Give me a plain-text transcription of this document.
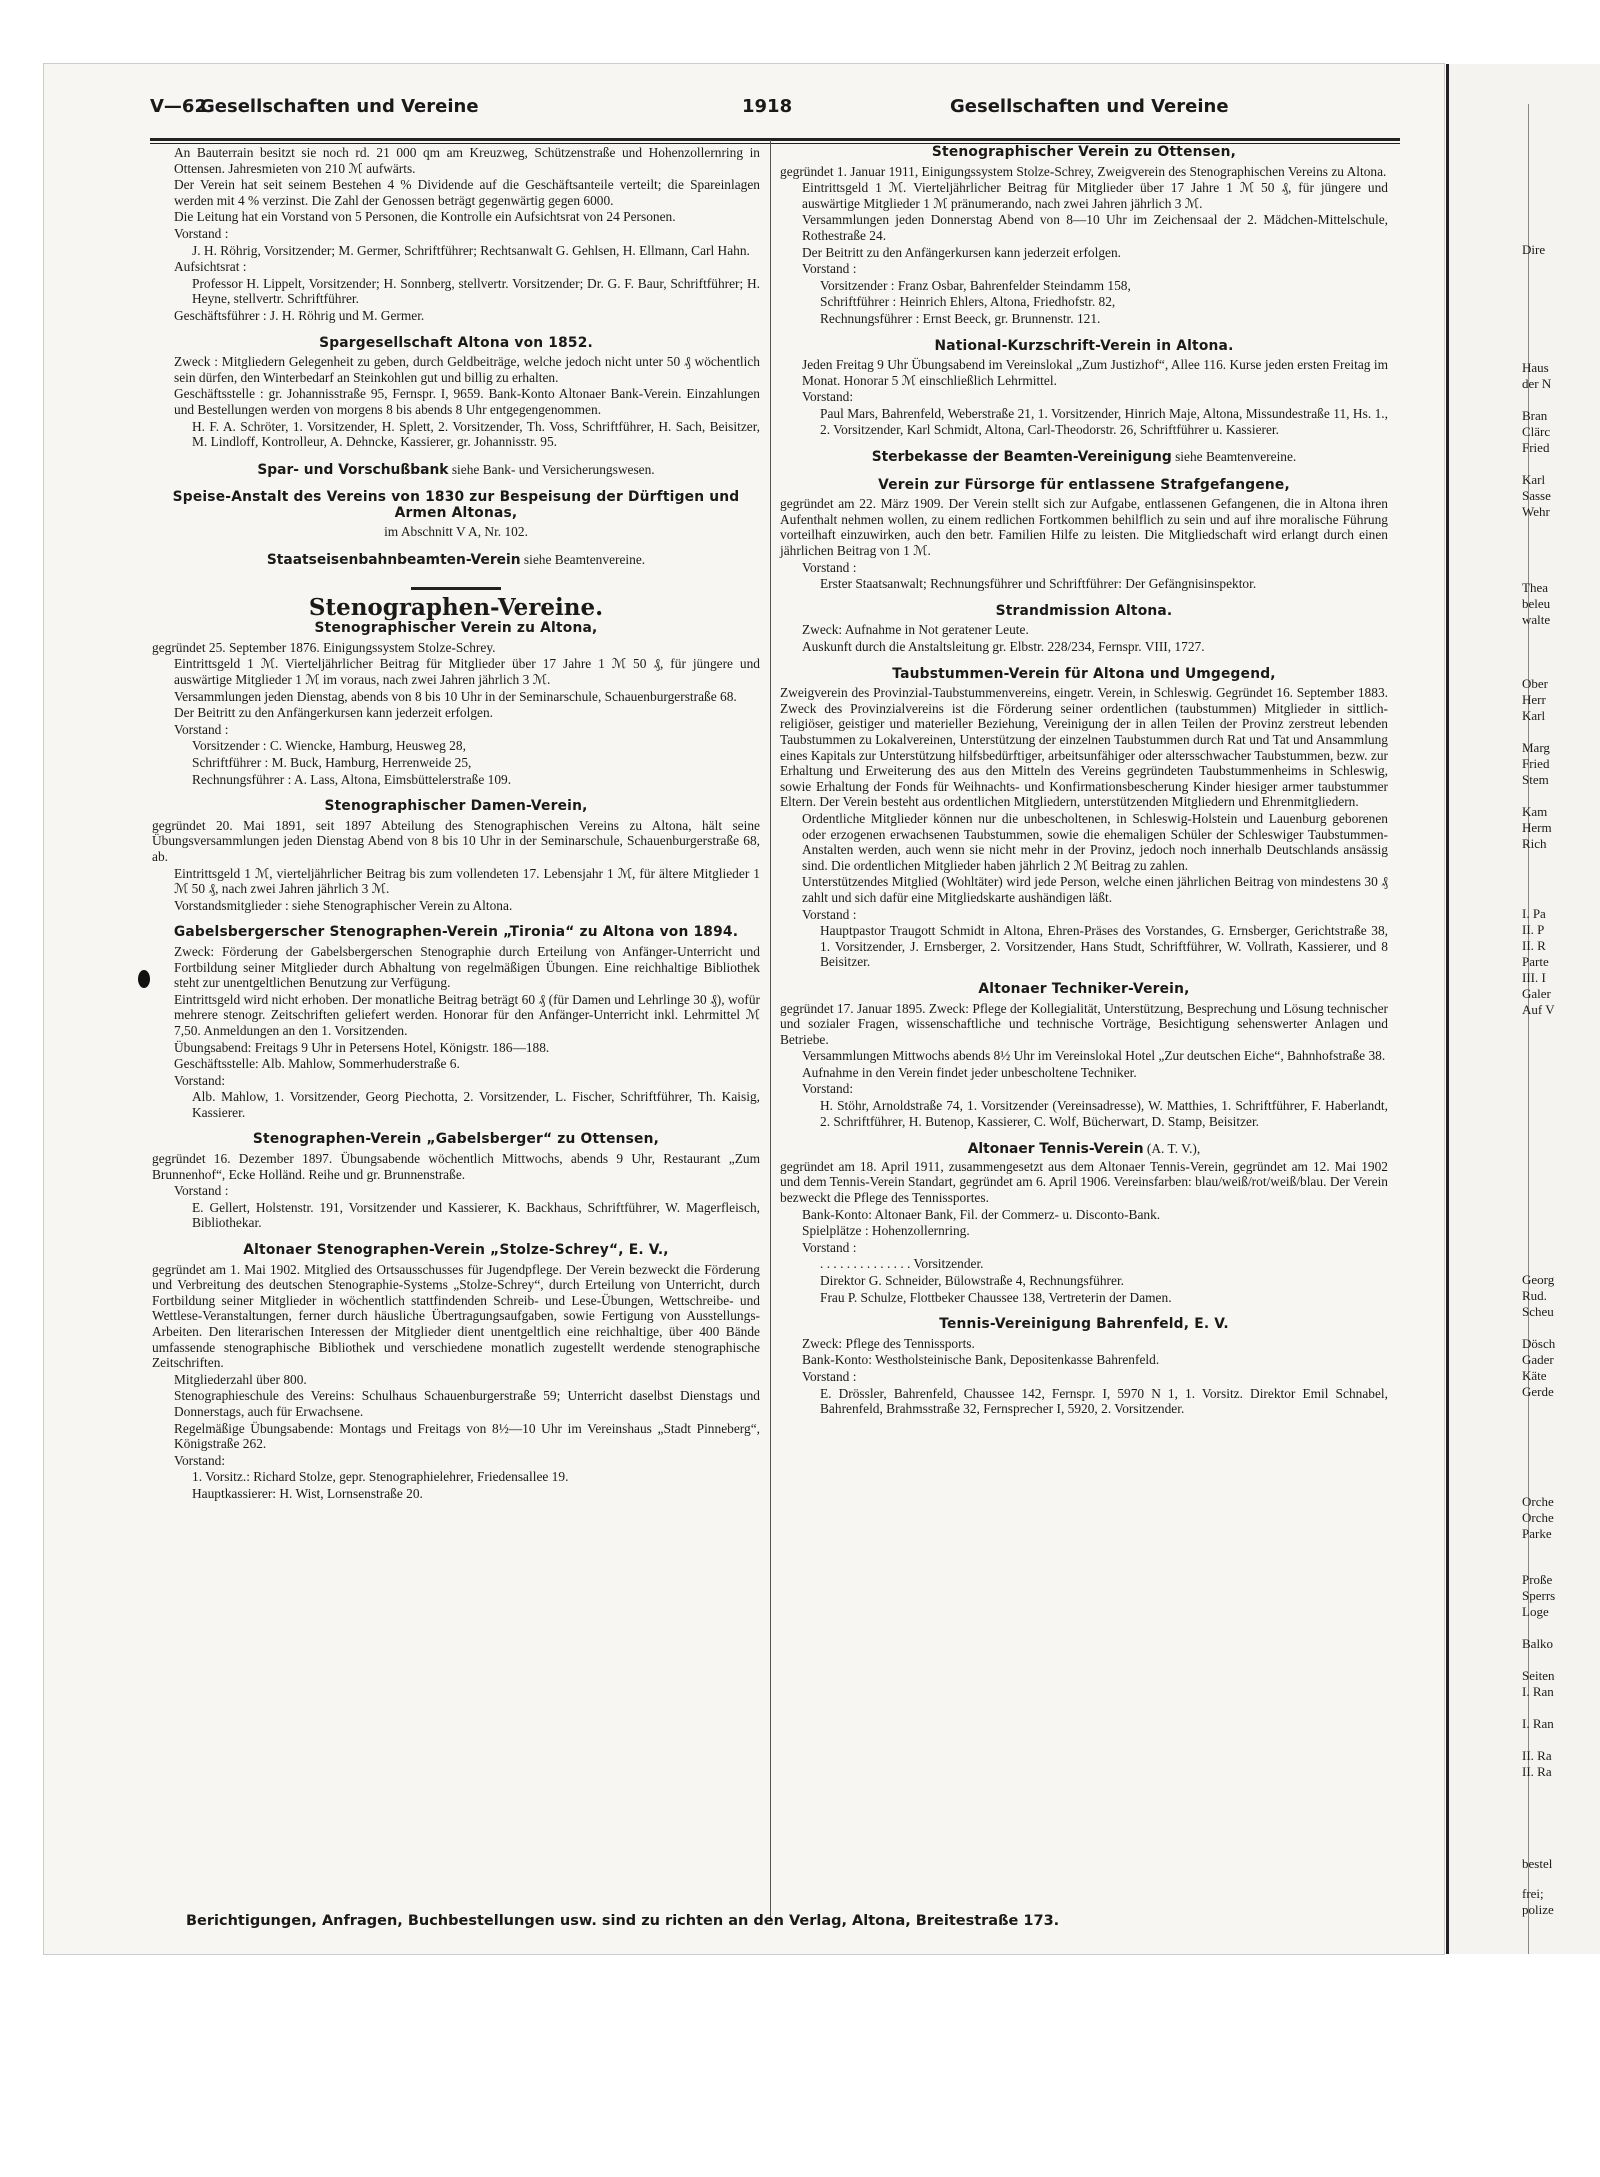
Dire
Haus
der N
Bran
Clärc
Fried
Karl
Sasse
Wehr
Thea
beleu
walte
Ober
Herr
Karl
Marg
Fried
Stem
Kam
Herm
Rich
I. Pa
II. P
II. R
Parte
III. I
Galer
Auf V
Georg
Rud.
Scheu
Dösch
Gader
Käte
Gerde
Orche
Orche
Parke
Proße
Sperrs
Loge
Balko
Seiten
I. Ran
I. Ran
II. Ra
II. Ra
bestel
frei;
polize
V—62
Gesellschaften und Vereine	1918	Gesellschaften und Vereine

An Bauterrain besitzt sie noch rd. 21 000 qm am Kreuzweg, Schützenstraße und Hohenzollernring in Ottensen. Jahresmieten von 210 ℳ aufwärts.

Der Verein hat seit seinem Bestehen 4 % Dividende auf die Geschäftsanteile verteilt; die Spareinlagen werden mit 4 % verzinst. Die Zahl der Genossen beträgt gegenwärtig gegen 6000.

Die Leitung hat ein Vorstand von 5 Personen, die Kontrolle ein Aufsichtsrat von 24 Personen.

Vorstand :

J. H. Röhrig, Vorsitzender; M. Germer, Schriftführer; Rechtsanwalt G. Gehlsen, H. Ellmann, Carl Hahn.

Aufsichtsrat :

Professor H. Lippelt, Vorsitzender; H. Sonnberg, stellvertr. Vorsitzender; Dr. G. F. Baur, Schriftführer; H. Heyne, stellvertr. Schriftführer.

Geschäftsführer : J. H. Röhrig und M. Germer.

Spargesellschaft Altona von 1852.

Zweck : Mitgliedern Gelegenheit zu geben, durch Geldbeiträge, welche jedoch nicht unter 50 ₰ wöchentlich sein dürfen, den Winterbedarf an Steinkohlen gut und billig zu erhalten.

Geschäftsstelle : gr. Johannisstraße 95, Fernspr. I, 9659. Bank-Konto Altonaer Bank-Verein. Einzahlungen und Bestellungen werden von morgens 8 bis abends 8 Uhr entgegengenommen.

H. F. A. Schröter, 1. Vorsitzender, H. Splett, 2. Vorsitzender, Th. Voss, Schriftführer, H. Sach, Beisitzer, M. Lindloff, Kontrolleur, A. Dehncke, Kassierer, gr. Johannisstr. 95.

Spar- und Vorschußbank siehe Bank- und Versicherungswesen.

Speise-Anstalt des Vereins von 1830 zur Bespeisung der Dürftigen und Armen Altonas,

im Abschnitt V A, Nr. 102.

Staatseisenbahnbeamten-Verein siehe Beamtenvereine.

Stenographen-Vereine.
Stenographischer Verein zu Altona,

gegründet 25. September 1876. Einigungssystem Stolze-Schrey.

Eintrittsgeld 1 ℳ. Vierteljährlicher Beitrag für Mitglieder über 17 Jahre 1 ℳ 50 ₰, für jüngere und auswärtige Mitglieder 1 ℳ im voraus, nach zwei Jahren jährlich 3 ℳ.

Versammlungen jeden Dienstag, abends von 8 bis 10 Uhr in der Seminarschule, Schauenburgerstraße 68.

Der Beitritt zu den Anfängerkursen kann jederzeit erfolgen.

Vorstand :

Vorsitzender : C. Wiencke, Hamburg, Heusweg 28,

Schriftführer : M. Buck, Hamburg, Herrenweide 25,

Rechnungsführer : A. Lass, Altona, Eimsbüttelerstraße 109.

Stenographischer Damen-Verein,

gegründet 20. Mai 1891, seit 1897 Abteilung des Stenographischen Vereins zu Altona, hält seine Übungsversammlungen jeden Dienstag Abend von 8 bis 10 Uhr in der Seminarschule, Schauenburgerstraße 68, ab.

Eintrittsgeld 1 ℳ, vierteljährlicher Beitrag bis zum vollendeten 17. Lebensjahr 1 ℳ, für ältere Mitglieder 1 ℳ 50 ₰, nach zwei Jahren jährlich 3 ℳ.

Vorstandsmitglieder : siehe Stenographischer Verein zu Altona.

Gabelsbergerscher Stenographen-Verein „Tironia“ zu Altona von 1894.

Zweck: Förderung der Gabelsbergerschen Stenographie durch Erteilung von Anfänger-Unterricht und Fortbildung seiner Mitglieder durch Abhaltung von regelmäßigen Übungen. Eine reichhaltige Bibliothek steht zur unentgeltlichen Benutzung zur Verfügung.

Eintrittsgeld wird nicht erhoben. Der monatliche Beitrag beträgt 60 ₰ (für Damen und Lehrlinge 30 ₰), wofür mehrere stenogr. Zeitschriften geliefert werden. Honorar für den Anfänger-Unterricht inkl. Lehrmittel ℳ 7,50. Anmeldungen an den 1. Vorsitzenden.

Übungsabend: Freitags 9 Uhr in Petersens Hotel, Königstr. 186—188.

Geschäftsstelle: Alb. Mahlow, Sommerhuderstraße 6.

Vorstand:

Alb. Mahlow, 1. Vorsitzender, Georg Piechotta, 2. Vorsitzender, L. Fischer, Schriftführer, Th. Kaisig, Kassierer.

Stenographen-Verein „Gabelsberger“ zu Ottensen,

gegründet 16. Dezember 1897. Übungsabende wöchentlich Mittwochs, abends 9 Uhr, Restaurant „Zum Brunnenhof“, Ecke Holländ. Reihe und gr. Brunnenstraße.

Vorstand :

E. Gellert, Holstenstr. 191, Vorsitzender und Kassierer, K. Backhaus, Schriftführer, W. Magerfleisch, Bibliothekar.

Altonaer Stenographen-Verein „Stolze-Schrey“, E. V.,

gegründet am 1. Mai 1902. Mitglied des Ortsausschusses für Jugendpflege. Der Verein bezweckt die Förderung und Verbreitung des deutschen Stenographie-Systems „Stolze-Schrey“, durch Erteilung von Unterricht, durch Fortbildung seiner Mitglieder in wöchentlich stattfindenden Schreib- und Lese-Übungen, Wettschreibe- und Wettlese-Veranstaltungen, ferner durch häusliche Übertragungsaufgaben, sowie Fertigung von Ausstellungs-Arbeiten. Den literarischen Interessen der Mitglieder dient unentgeltlich eine reichhaltige, über 400 Bände umfassende stenographische Bibliothek und verschiedene monatlich zugestellt werdende stenographische Zeitschriften.

Mitgliederzahl über 800.

Stenographieschule des Vereins: Schulhaus Schauenburgerstraße 59; Unterricht daselbst Dienstags und Donnerstags, auch für Erwachsene.

Regelmäßige Übungsabende: Montags und Freitags von 8½—10 Uhr im Vereinshaus „Stadt Pinneberg“, Königstraße 262.

Vorstand:

1. Vorsitz.: Richard Stolze, gepr. Stenographielehrer, Friedensallee 19.

Hauptkassierer: H. Wist, Lornsenstraße 20.

Stenographischer Verein zu Ottensen,

gegründet 1. Januar 1911, Einigungssystem Stolze-Schrey, Zweigverein des Stenographischen Vereins zu Altona.

Eintrittsgeld 1 ℳ. Vierteljährlicher Beitrag für Mitglieder über 17 Jahre 1 ℳ 50 ₰, für jüngere und auswärtige Mitglieder 1 ℳ pränumerando, nach zwei Jahren jährlich 3 ℳ.

Versammlungen jeden Donnerstag Abend von 8—10 Uhr im Zeichensaal der 2. Mädchen-Mittelschule, Rothestraße 24.

Der Beitritt zu den Anfängerkursen kann jederzeit erfolgen.

Vorstand :

Vorsitzender : Franz Osbar, Bahrenfelder Steindamm 158,

Schriftführer : Heinrich Ehlers, Altona, Friedhofstr. 82,

Rechnungsführer : Ernst Beeck, gr. Brunnenstr. 121.

National-Kurzschrift-Verein in Altona.

Jeden Freitag 9 Uhr Übungsabend im Vereinslokal „Zum Justizhof“, Allee 116. Kurse jeden ersten Freitag im Monat. Honorar 5 ℳ einschließlich Lehrmittel.

Vorstand:

Paul Mars, Bahrenfeld, Weberstraße 21, 1. Vorsitzender, Hinrich Maje, Altona, Missundestraße 11, Hs. 1., 2. Vorsitzender, Karl Schmidt, Altona, Carl-Theodorstr. 26, Schriftführer u. Kassierer.

Sterbekasse der Beamten-Vereinigung siehe Beamtenvereine.

Verein zur Fürsorge für entlassene Strafgefangene,

gegründet am 22. März 1909. Der Verein stellt sich zur Aufgabe, entlassenen Gefangenen, die in Altona ihren Aufenthalt nehmen wollen, zu einem redlichen Fortkommen behilflich zu sein und auf ihre moralische Führung vorteilhaft einzuwirken, auch den betr. Familien Hilfe zu leisten. Die Mitgliedschaft wird erlangt durch einen jährlichen Beitrag von 1 ℳ.

Vorstand :

Erster Staatsanwalt; Rechnungsführer und Schriftführer: Der Gefängnisinspektor.

Strandmission Altona.

Zweck: Aufnahme in Not geratener Leute.

Auskunft durch die Anstaltsleitung gr. Elbstr. 228/234, Fernspr. VIII, 1727.

Taubstummen-Verein für Altona und Umgegend,

Zweigverein des Provinzial-Taubstummenvereins, eingetr. Verein, in Schleswig. Gegründet 16. September 1883. Zweck des Provinzialvereins ist die Förderung seiner ordentlichen (taubstummen) Mitglieder in sittlich-religiöser, geistiger und materieller Beziehung, Vereinigung der in allen Teilen der Provinz zerstreut lebenden Taubstummen zu Lokalvereinen, Unterstützung der einzelnen Taubstummen durch Rat und Tat und Ansammlung eines Kapitals zur Unterstützung hilfsbedürftiger, arbeitsunfähiger oder altersschwacher Taubstummen, bezw. zur Erhaltung und Erweiterung des aus den Mitteln des Vereins gegründeten Taubstummenheims in Schleswig, sowie Erhaltung der Fonds für Weihnachts- und Konfirmationsbescherung Kinder hiesiger armer taubstummer Eltern. Der Verein besteht aus ordentlichen Mitgliedern, unterstützenden Mitgliedern und Ehrenmitgliedern.

Ordentliche Mitglieder können nur die unbescholtenen, in Schleswig-Holstein und Lauenburg geborenen oder erzogenen erwachsenen Taubstummen, sowie die ehemaligen Schüler der Schleswiger Taubstummen-Anstalten werden, auch wenn sie nicht mehr in der Provinz, jedoch noch innerhalb Deutschlands ansässig sind. Die ordentlichen Mitglieder haben jährlich 2 ℳ Beitrag zu zahlen.

Unterstützendes Mitglied (Wohltäter) wird jede Person, welche einen jährlichen Beitrag von mindestens 30 ₰ zahlt und sich dafür eine Mitgliedskarte aushändigen läßt.

Vorstand :

Hauptpastor Traugott Schmidt in Altona, Ehren-Präses des Vorstandes, G. Ernsberger, Gerichtstraße 38, 1. Vorsitzender, J. Ernsberger, 2. Vorsitzender, Hans Studt, Schriftführer, W. Vollrath, Kassierer, und 8 Beisitzer.

Altonaer Techniker-Verein,

gegründet 17. Januar 1895. Zweck: Pflege der Kollegialität, Unterstützung, Besprechung und Lösung technischer und sozialer Fragen, wissenschaftliche und technische Vorträge, Besichtigung sehenswerter Anlagen und Betriebe.

Versammlungen Mittwochs abends 8½ Uhr im Vereinslokal Hotel „Zur deutschen Eiche“, Bahnhofstraße 38.

Aufnahme in den Verein findet jeder unbescholtene Techniker.

Vorstand:

H. Stöhr, Arnoldstraße 74, 1. Vorsitzender (Vereinsadresse), W. Matthies, 1. Schriftführer, F. Haberlandt, 2. Schriftführer, H. Butenop, Kassierer, C. Wolf, Bücherwart, D. Stamp, Beisitzer.

Altonaer Tennis-Verein (A. T. V.),

gegründet am 18. April 1911, zusammengesetzt aus dem Altonaer Tennis-Verein, gegründet am 12. Mai 1902 und dem Tennis-Verein Standart, gegründet am 6. April 1906. Vereinsfarben: blau/weiß/rot/weiß/blau. Der Verein bezweckt die Pflege des Tennissportes.

Bank-Konto: Altonaer Bank, Fil. der Commerz- u. Disconto-Bank.

Spielplätze : Hohenzollernring.

Vorstand :

. . . . . . . . . . . . . . Vorsitzender.

Direktor G. Schneider, Bülowstraße 4, Rechnungsführer.

Frau P. Schulze, Flottbeker Chaussee 138, Vertreterin der Damen.

Tennis-Vereinigung Bahrenfeld, E. V.

Zweck: Pflege des Tennissports.

Bank-Konto: Westholsteinische Bank, Depositenkasse Bahrenfeld.

Vorstand :

E. Drössler, Bahrenfeld, Chaussee 142, Fernspr. I, 5970 N 1, 1. Vorsitz. Direktor Emil Schnabel, Bahrenfeld, Brahmsstraße 32, Fernsprecher I, 5920, 2. Vorsitzender.

Berichtigungen, Anfragen, Buchbestellungen usw. sind zu richten an den Verlag, Altona, Breitestraße 173.
